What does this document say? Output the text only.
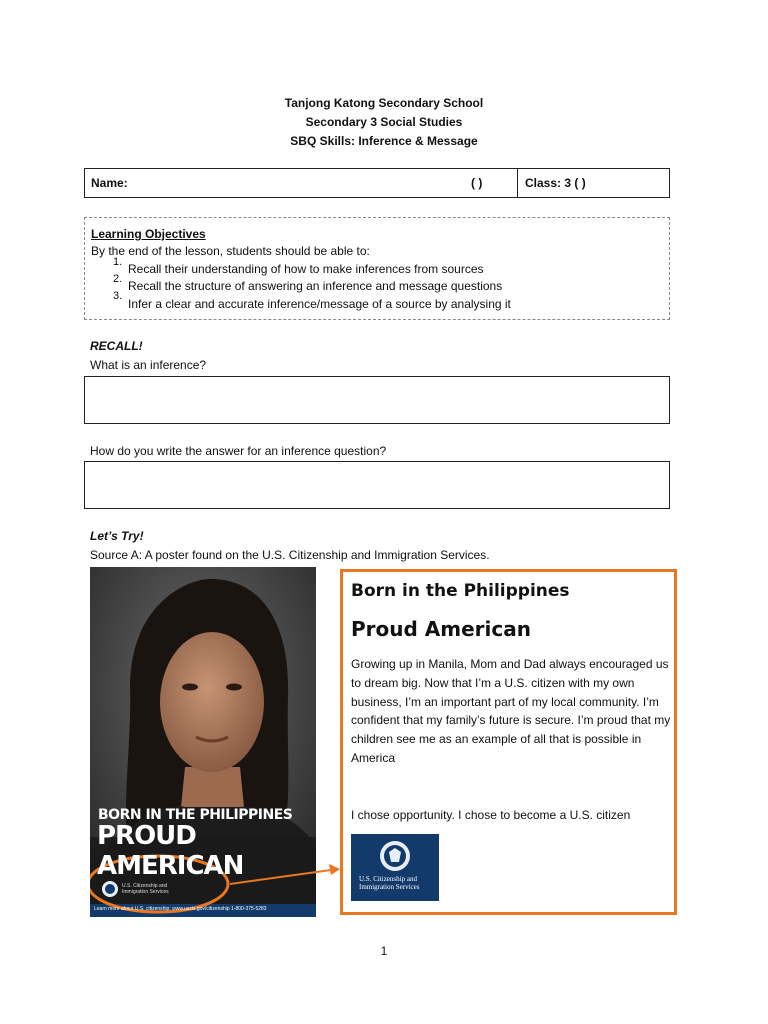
Tanjong Katong Secondary School
Secondary 3 Social Studies
SBQ Skills: Inference & Message
Name:	( )	Class: 3 ( )
Learning Objectives
By the end of the lesson, students should be able to:
1. Recall their understanding of how to make inferences from sources
2. Recall the structure of answering an inference and message questions
3.
Infer a clear and accurate inference/message of a source by analysing it
RECALL!
What is an inference?
How do you write the answer for an inference question?
Let’s Try!
Source A: A poster found on the U.S. Citizenship and Immigration Services.
BORN IN THE PHILIPPINES
PROUD AMERICAN
U.S. Citizenship and Immigration Services
Learn more about U.S. citizenship: www.uscis.gov/citizenship 1-800-375-5283
Born in the Philippines
Proud American
Growing up in Manila, Mom and Dad always encouraged us to dream big. Now that I’m a U.S. citizen with my own business, I’m an important part of my local community. I’m confident that my family’s future is secure. I’m proud that my children see me as an example of all that is possible in America
I chose opportunity. I chose to become a U.S. citizen
U.S. Citizenship and Immigration Services
1
